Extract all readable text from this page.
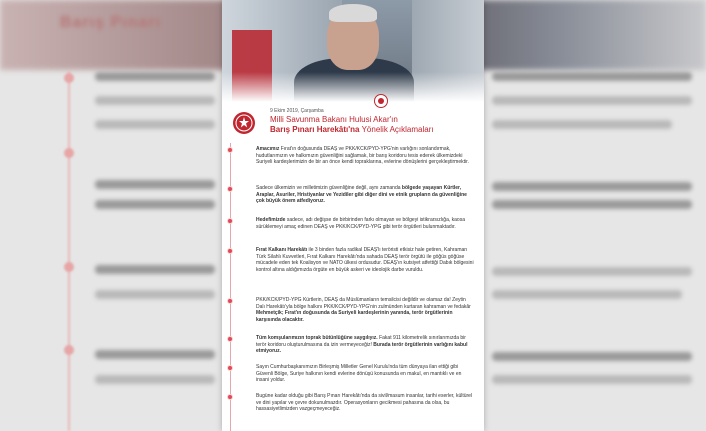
Barış Pınarı
9 Ekim 2019, Çarşamba
Milli Savunma Bakanı Hulusi Akar'ın
Barış Pınarı Harekâtı'na Yönelik Açıklamaları
Amacımız Fırat'ın doğusunda DEAŞ ve PKK/KCK/PYD-YPG'nin varlığını sonlandırmak, hudutlarımızın ve halkımızın güvenliğini sağlamak, bir barış koridoru tesis ederek ülkemizdeki Suriyeli kardeşlerimizin de bir an önce kendi topraklarına, evlerine dönüşlerini gerçekleştirmektir.
Sadece ülkemizin ve milletimizin güvenliğine değil, aynı zamanda bölgede yaşayan Kürtler, Araplar, Asuriler, Hristiyanlar ve Yezidiler gibi diğer dini ve etnik grupların da güvenliğine çok büyük önem atfediyoruz.
Hedefimizde sadece, adı değişse de birbirinden farkı olmayan ve bölgeyi istikrarsızlığa, kaosa sürüklemeyi amaç edinen DEAŞ ve PKK/KCK/PYD-YPG gibi terör örgütleri bulunmaktadır.
Fırat Kalkanı Harekâtı ile 3 binden fazla radikal DEAŞ'lı teröristi etkisiz hale getiren, Kahraman Türk Silahlı Kuvvetleri, Fırat Kalkanı Harekâtı'nda sahada DEAŞ terör örgütü ile göğüs göğüse mücadele eden tek Koalisyon ve NATO ülkesi ordusudur. DEAŞ'ın kutsiyet atfettiği Dabık bölgesini kontrol altına aldığımızda örgüte en büyük askeri ve ideolojik darbe vuruldu.
PKK/KCK/PYD-YPG Kürtlerin, DEAŞ da Müslümanların temsilcisi değildir ve olamaz da! Zeytin Dalı Harekâtı'yla bölge halkını PKK/KCK/PYD-YPG'nin zulmünden kurtaran kahraman ve fedakâr Mehmetçik; Fırat'ın doğusunda da Suriyeli kardeşlerinin yanında, terör örgütlerinin karşısında olacaktır.
Tüm komşularımızın toprak bütünlüğüne saygılıyız. Fakat 911 kilometrelik sınırlarımızda bir terör koridoru oluşturulmasına da izin vermeyeceğiz! Burada terör örgütlerinin varlığını kabul etmiyoruz.
Sayın Cumhurbaşkanımızın Birleşmiş Milletler Genel Kurulu'nda tüm dünyaya ilan ettiği gibi Güvenli Bölge, Suriye halkının kendi evlerine dönüşü konusunda en makul, en mantıklı ve en insani yoldur.
Bugüne kadar olduğu gibi Barış Pınarı Harekâtı'nda da sivil/masum insanlar, tarihi eserler, kültürel ve dini yapılar ve çevre dokunulmazdır. Operasyonların gecikmesi pahasına da olsa, bu hassasiyetlimizden vazgeçmeyeceğiz.
